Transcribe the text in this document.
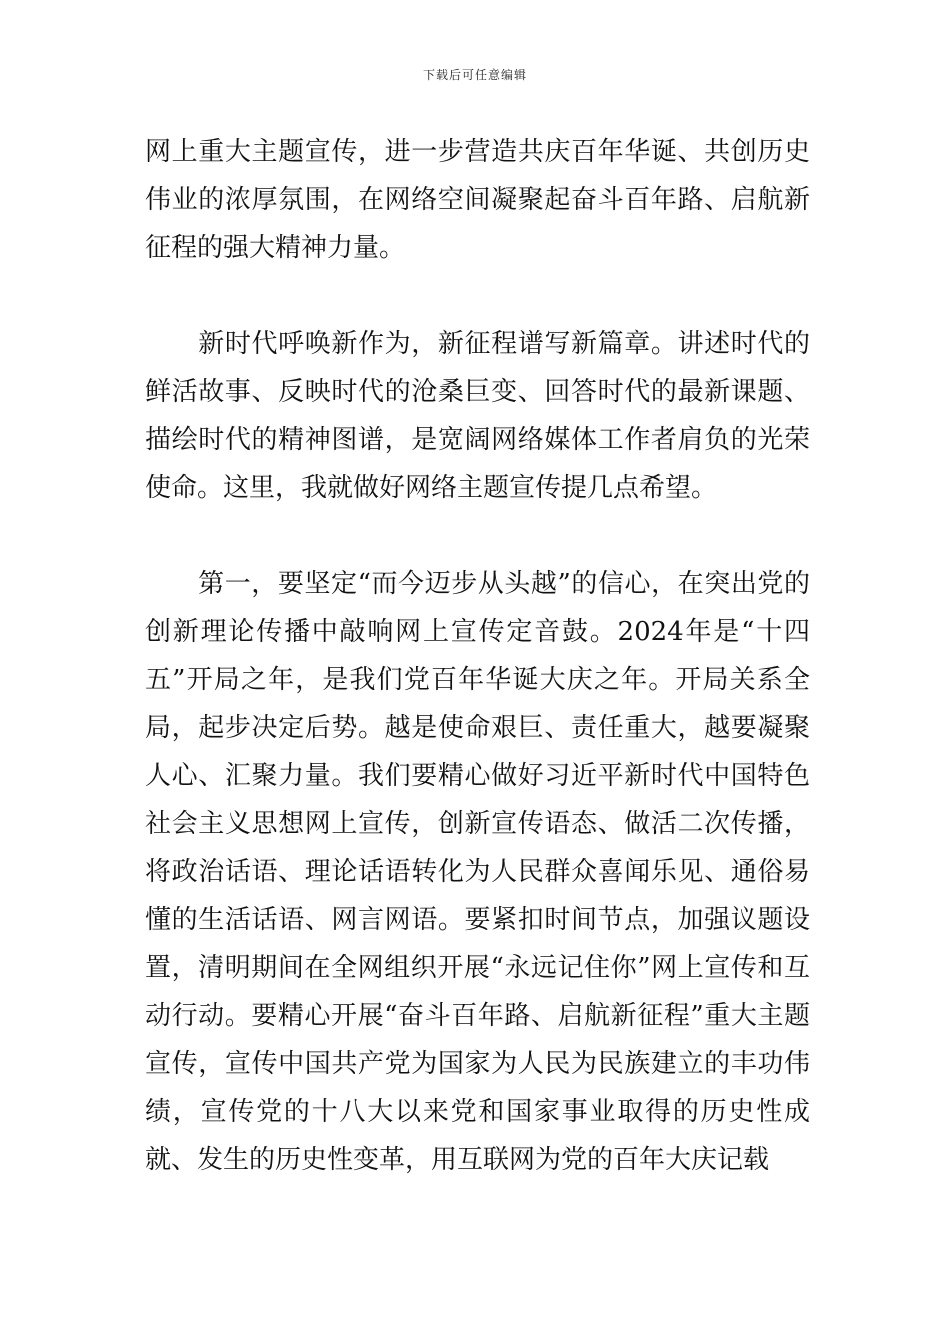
下载后可任意编辑

网上重大主题宣传，进一步营造共庆百年华诞、共创历史伟业的浓厚氛围，在网络空间凝聚起奋斗百年路、启航新征程的强大精神力量。

　　新时代呼唤新作为，新征程谱写新篇章。讲述时代的鲜活故事、反映时代的沧桑巨变、回答时代的最新课题、描绘时代的精神图谱，是宽阔网络媒体工作者肩负的光荣使命。这里，我就做好网络主题宣传提几点希望。

　　第一，要坚定“而今迈步从头越”的信心，在突出党的创新理论传播中敲响网上宣传定音鼓。2024年是“十四五”开局之年，是我们党百年华诞大庆之年。开局关系全局，起步决定后势。越是使命艰巨、责任重大，越要凝聚人心、汇聚力量。我们要精心做好习近平新时代中国特色社会主义思想网上宣传，创新宣传语态、做活二次传播，将政治话语、理论话语转化为人民群众喜闻乐见、通俗易懂的生活话语、网言网语。要紧扣时间节点，加强议题设置，清明期间在全网组织开展“永远记住你”网上宣传和互动行动。要精心开展“奋斗百年路、启航新征程”重大主题宣传，宣传中国共产党为国家为人民为民族建立的丰功伟绩，宣传党的十八大以来党和国家事业取得的历史性成就、发生的历史性变革，用互联网为党的百年大庆记载
